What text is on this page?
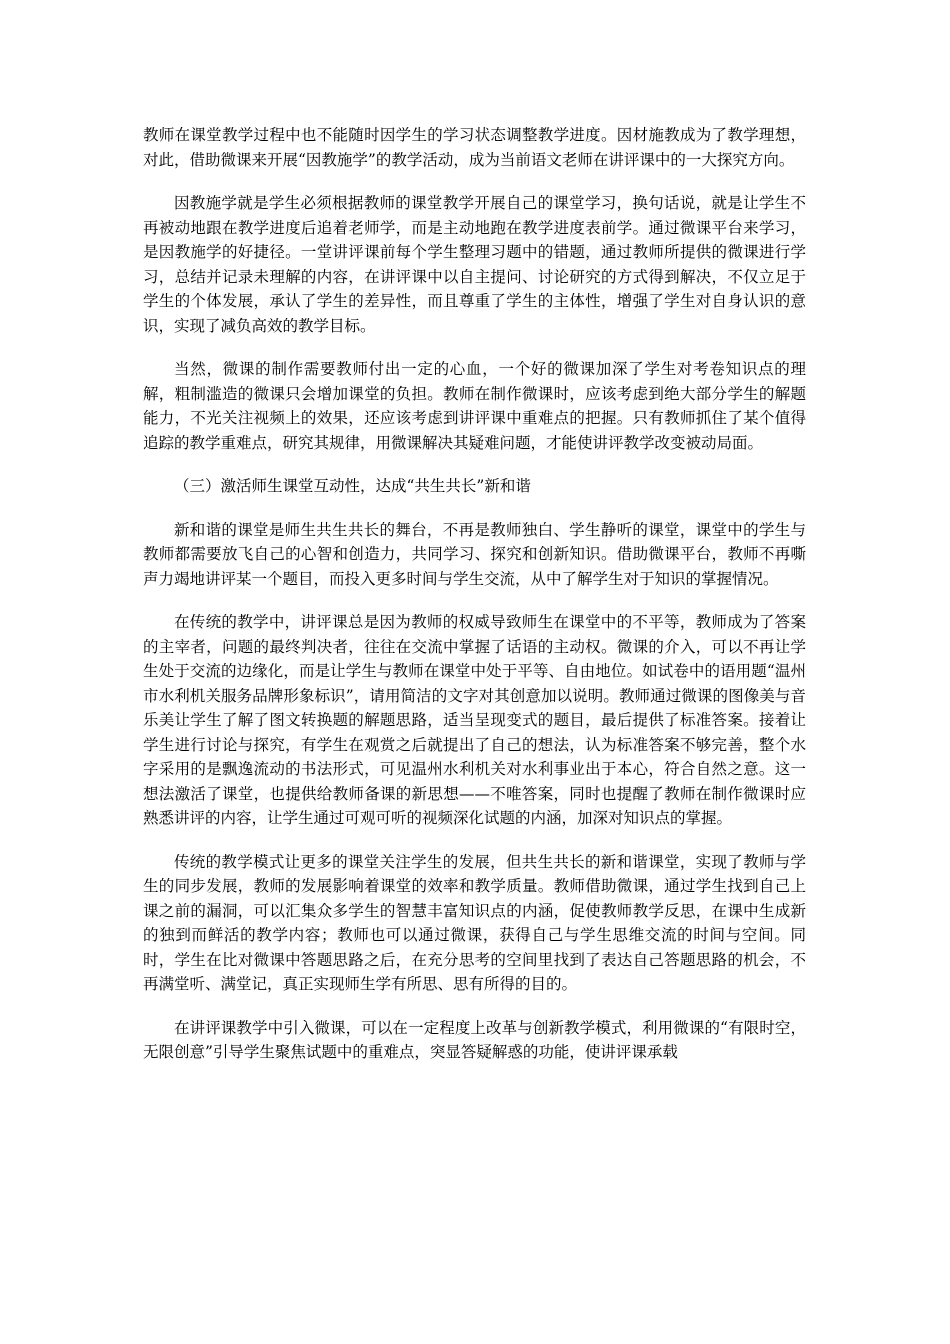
教师在课堂教学过程中也不能随时因学生的学习状态调整教学进度。因材施教成为了教学理想，对此，借助微课来开展“因教施学”的教学活动，成为当前语文老师在讲评课中的一大探究方向。

因教施学就是学生必须根据教师的课堂教学开展自己的课堂学习，换句话说，就是让学生不再被动地跟在教学进度后追着老师学，而是主动地跑在教学进度表前学。通过微课平台来学习，是因教施学的好捷径。一堂讲评课前每个学生整理习题中的错题，通过教师所提供的微课进行学习，总结并记录未理解的内容，在讲评课中以自主提问、讨论研究的方式得到解决，不仅立足于学生的个体发展，承认了学生的差异性，而且尊重了学生的主体性，增强了学生对自身认识的意识，实现了减负高效的教学目标。

当然，微课的制作需要教师付出一定的心血，一个好的微课加深了学生对考卷知识点的理解，粗制滥造的微课只会增加课堂的负担。教师在制作微课时，应该考虑到绝大部分学生的解题能力，不光关注视频上的效果，还应该考虑到讲评课中重难点的把握。只有教师抓住了某个值得追踪的教学重难点，研究其规律，用微课解决其疑难问题，才能使讲评教学改变被动局面。

（三）激活师生课堂互动性，达成“共生共长”新和谐

新和谐的课堂是师生共生共长的舞台，不再是教师独白、学生静听的课堂，课堂中的学生与教师都需要放飞自己的心智和创造力，共同学习、探究和创新知识。借助微课平台，教师不再嘶声力竭地讲评某一个题目，而投入更多时间与学生交流，从中了解学生对于知识的掌握情况。

在传统的教学中，讲评课总是因为教师的权威导致师生在课堂中的不平等，教师成为了答案的主宰者，问题的最终判决者，往往在交流中掌握了话语的主动权。微课的介入，可以不再让学生处于交流的边缘化，而是让学生与教师在课堂中处于平等、自由地位。如试卷中的语用题“温州市水利机关服务品牌形象标识”，请用简洁的文字对其创意加以说明。教师通过微课的图像美与音乐美让学生了解了图文转换题的解题思路，适当呈现变式的题目，最后提供了标准答案。接着让学生进行讨论与探究，有学生在观赏之后就提出了自己的想法，认为标准答案不够完善，整个水字采用的是飘逸流动的书法形式，可见温州水利机关对水利事业出于本心，符合自然之意。这一想法激活了课堂，也提供给教师备课的新思想——不唯答案，同时也提醒了教师在制作微课时应熟悉讲评的内容，让学生通过可观可听的视频深化试题的内涵，加深对知识点的掌握。

传统的教学模式让更多的课堂关注学生的发展，但共生共长的新和谐课堂，实现了教师与学生的同步发展，教师的发展影响着课堂的效率和教学质量。教师借助微课，通过学生找到自己上课之前的漏洞，可以汇集众多学生的智慧丰富知识点的内涵，促使教师教学反思，在课中生成新的独到而鲜活的教学内容；教师也可以通过微课，获得自己与学生思维交流的时间与空间。同时，学生在比对微课中答题思路之后，在充分思考的空间里找到了表达自己答题思路的机会，不再满堂听、满堂记，真正实现师生学有所思、思有所得的目的。

在讲评课教学中引入微课，可以在一定程度上改革与创新教学模式，利用微课的“有限时空，无限创意”引导学生聚焦试题中的重难点，突显答疑解惑的功能，使讲评课承载
